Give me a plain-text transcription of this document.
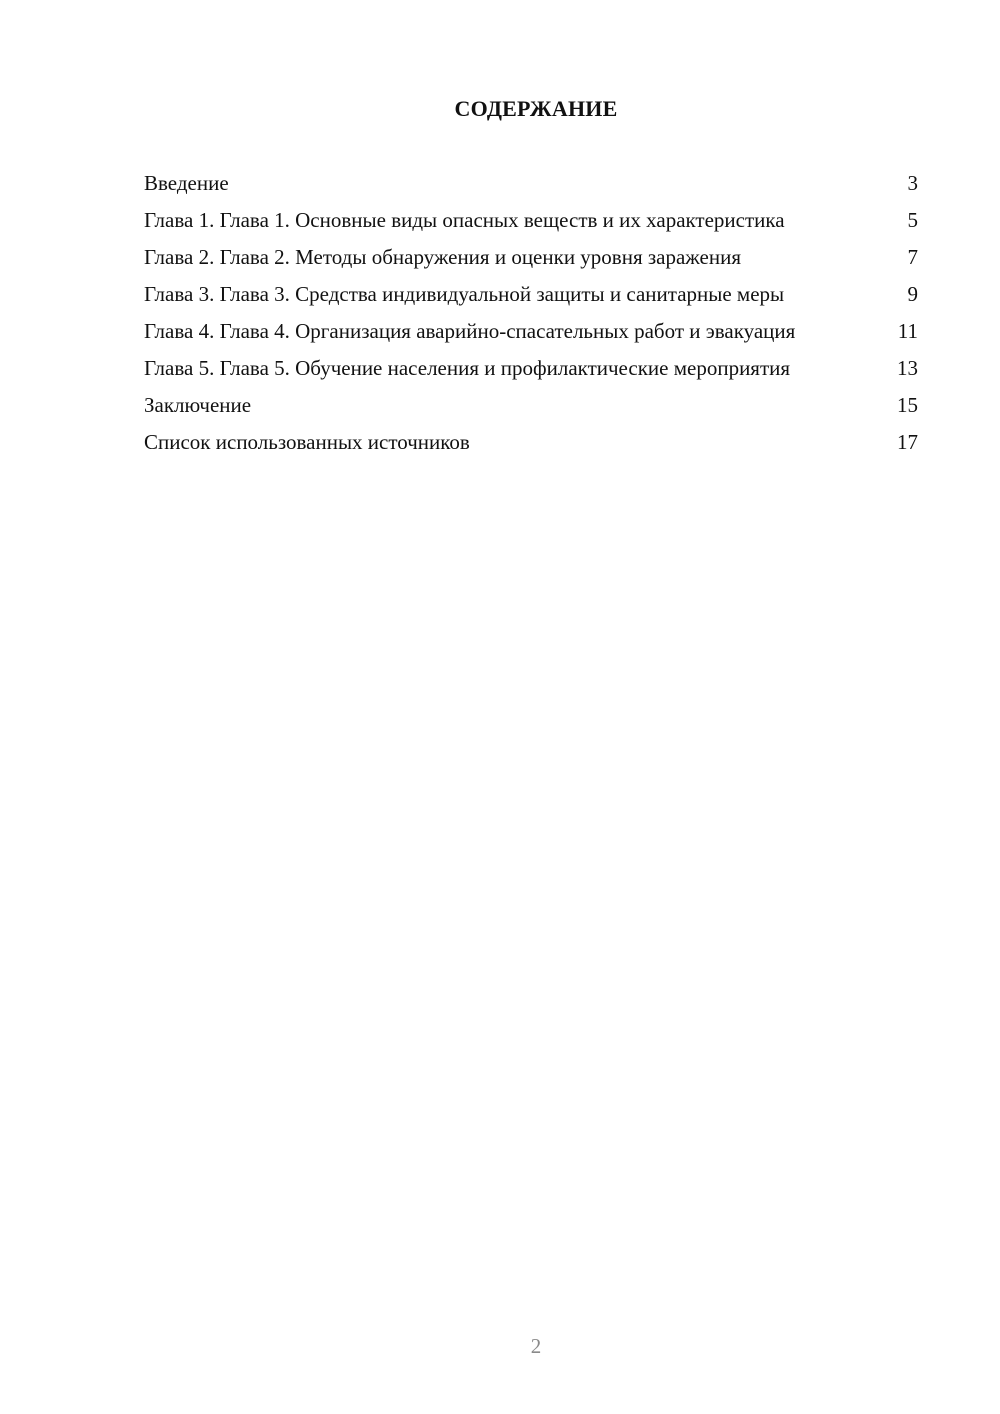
СОДЕРЖАНИЕ
Введение	3
Глава 1. Глава 1. Основные виды опасных веществ и их характеристика	5
Глава 2. Глава 2. Методы обнаружения и оценки уровня заражения	7
Глава 3. Глава 3. Средства индивидуальной защиты и санитарные меры	9
Глава 4. Глава 4. Организация аварийно-спасательных работ и эвакуация	11
Глава 5. Глава 5. Обучение населения и профилактические мероприятия	13
Заключение	15
Список использованных источников	17
2
